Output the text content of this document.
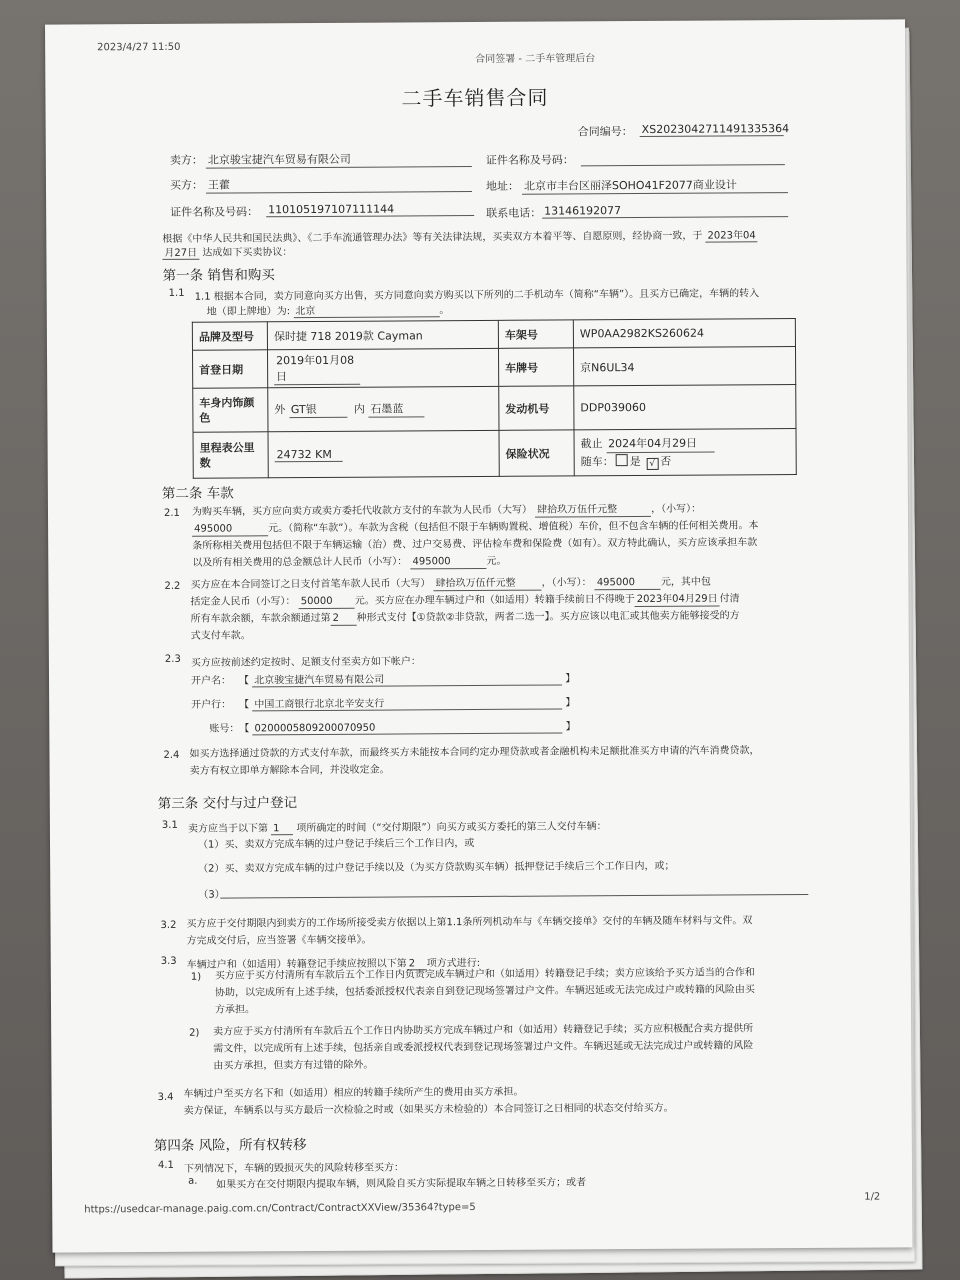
2023/4/27 11:50
合同签署 - 二手车管理后台
二手车销售合同
合同编号： XS2023042711491335364
卖方： 北京骏宝捷汽车贸易有限公司	证件名称及号码：
买方： 王藿	地址： 北京市丰台区丽泽SOHO41F2077商业设计
证件名称及号码： 110105197107111144	联系电话： 13146192077
根据《中华人民共和国民法典》、《二手车流通管理办法》等有关法律法规，买卖双方本着平等、自愿原则，经协商一致，于 2023年04
月27日 达成如下买卖协议：
第一条 销售和购买
1.1 1.1 根据本合同，卖方同意向买方出售，买方同意向卖方购买以下所列的二手机动车（简称“车辆”）。且买方已确定，车辆的转入
地（即上牌地）为: 北京	。
品牌及型号	保时捷 718 2019款 Cayman	车架号	WP0AA2982KS260624
首登日期	2019年01月08日	车牌号	京N6UL34
车身内饰颜色	外 GT银 内 石墨蓝	发动机号	DDP039060
里程表公里数	24732 KM	保险状况	截止 2024年04月29日
随车： 是 √ 否
第二条 车款
2.1 为购买车辆，买方应向卖方或卖方委托代收款方支付的车款为人民币（大写） 肆拾玖万伍仟元整	，（小写）：
495000	元。（简称“车款”）。车款为含税（包括但不限于车辆购置税、增值税）车价，但不包含车辆的任何相关费用。本
条所称相关费用包括但不限于车辆运输（治）费、过户交易费、评估检车费和保险费（如有）。双方特此确认，买方应该承担车款
以及所有相关费用的总金额总计人民币（小写）： 495000	元。
2.2 买方应在本合同签订之日支付首笔车款人民币（大写） 肆拾玖万伍仟元整	，（小写）： 495000	元，其中包
括定金人民币（小写）： 50000 元。买方应在办理车辆过户和（如适用）转籍手续前日不得晚于 2023年04月29日 付清
所有车款余额，车款余额通过第 2 种形式支付【①贷款②非贷款，两者二选一】。买方应该以电汇或其他卖方能够接受的方
式支付车款。
2.3 买方应按前述约定按时、足额支付至卖方如下帐户：
开户名： 【 北京骏宝捷汽车贸易有限公司	】
开户行： 【 中国工商银行北京北辛安支行	】
账号：【 0200005809200070950	】
2.4 如买方选择通过贷款的方式支付车款，而最终买方未能按本合同约定办理贷款或者金融机构未足额批准买方申请的汽车消费贷款，
卖方有权立即单方解除本合同，并没收定金。
第三条 交付与过户登记
3.1 卖方应当于以下第 1 项所确定的时间（“交付期限”）向买方或买方委托的第三人交付车辆：
（1）买、卖双方完成车辆的过户登记手续后三个工作日内，或
（2）买、卖双方完成车辆的过户登记手续以及（为买方贷款购买车辆）抵押登记手续后三个工作日内，或；
（3）
3.2 买方应于交付期限内到卖方的工作场所接受卖方依据以上第1.1条所列机动车与《车辆交接单》交付的车辆及随车材料与文件。双
方完成交付后，应当签署《车辆交接单》。
3.3 车辆过户和（如适用）转籍登记手续应按照以下第 2 项方式进行:
1) 买方应于买方付清所有车款后五个工作日内负责完成车辆过户和（如适用）转籍登记手续；卖方应该给予买方适当的合作和
协助，以完成所有上述手续，包括委派授权代表亲自到登记现场签署过户文件。车辆迟延或无法完成过户或转籍的风险由买
方承担。
2) 卖方应于买方付清所有车款后五个工作日内协助买方完成车辆过户和（如适用）转籍登记手续；买方应积极配合卖方提供所
需文件，以完成所有上述手续，包括亲自或委派授权代表到登记现场签署过户文件。车辆迟延或无法完成过户或转籍的风险
由买方承担，但卖方有过错的除外。
3.4 车辆过户至买方名下和（如适用）相应的转籍手续所产生的费用由买方承担。
卖方保证，车辆系以与买方最后一次检验之时或（如果买方未检验的）本合同签订之日相同的状态交付给买方。
第四条 风险，所有权转移
4.1 下列情况下，车辆的毁损灭失的风险转移至买方：
a. 如果买方在交付期限内提取车辆，则风险自买方实际提取车辆之日转移至买方；或者
https://usedcar-manage.paig.com.cn/Contract/ContractXXView/35364?type=5
1/2
